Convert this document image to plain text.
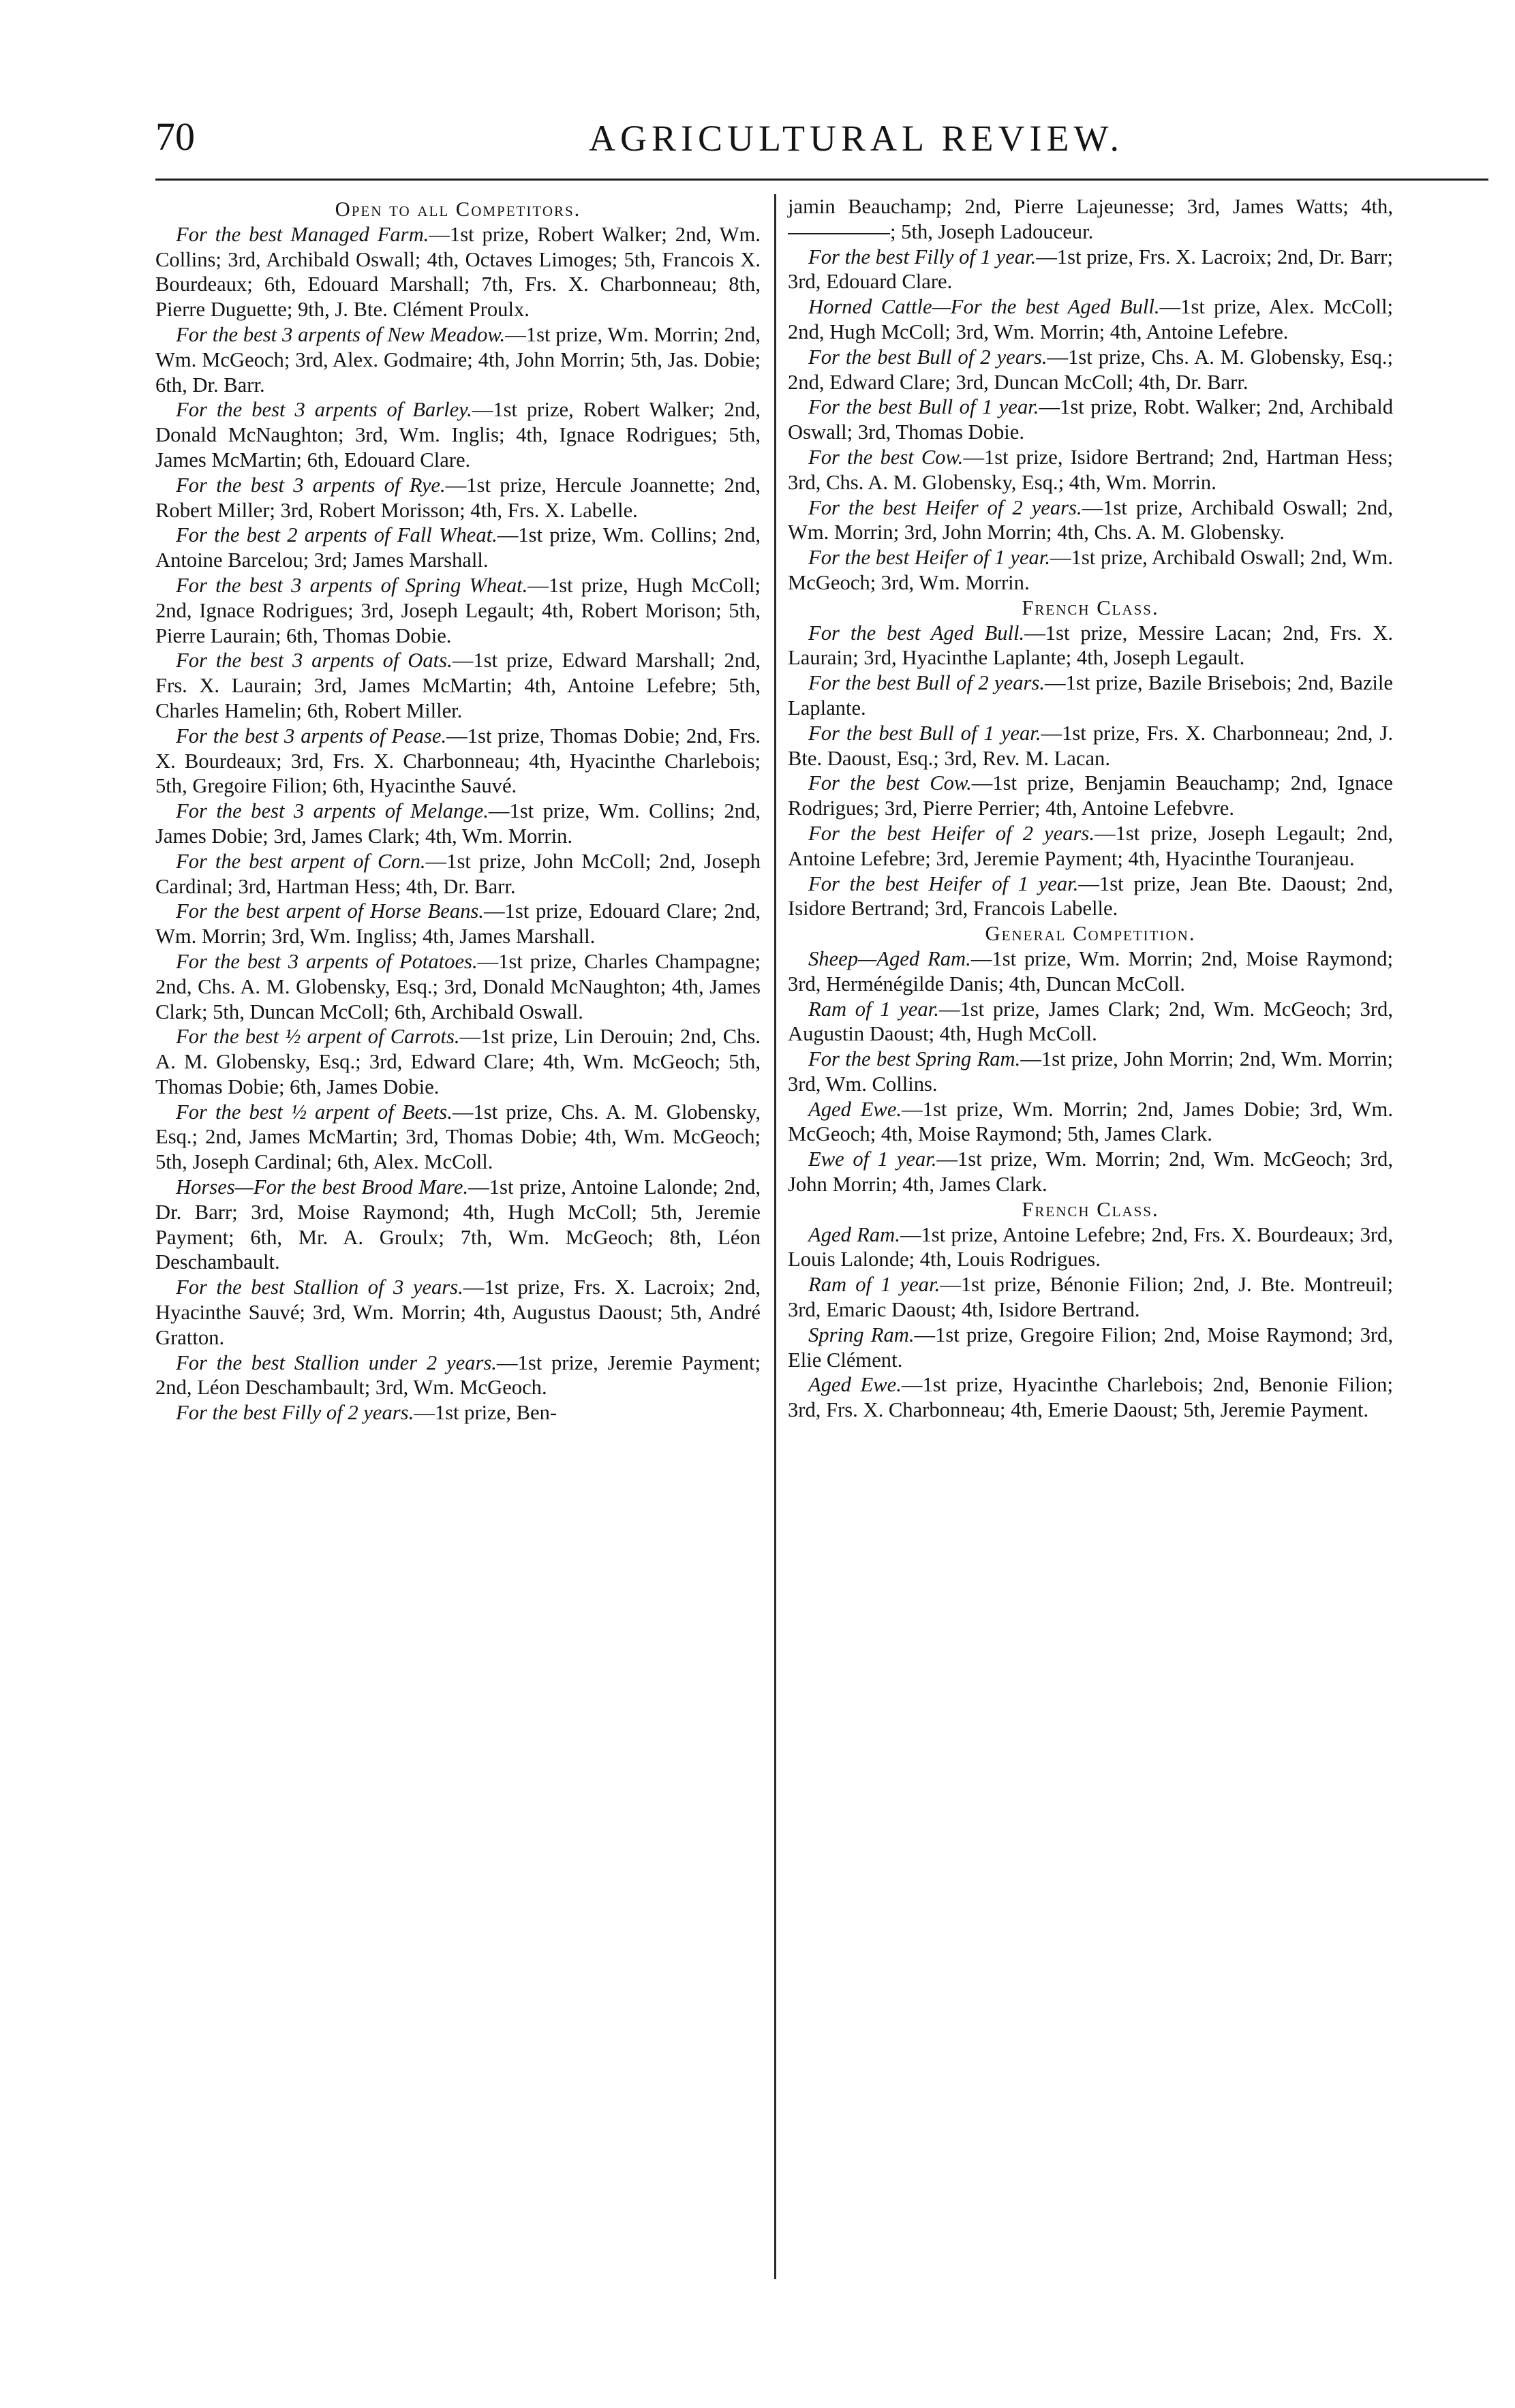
70	AGRICULTURAL REVIEW.
Open to all Competitors.

For the best Managed Farm.—1st prize, Robert Walker; 2nd, Wm. Collins; 3rd, Archibald Oswall; 4th, Octaves Limoges; 5th, Francois X. Bourdeaux; 6th, Edouard Marshall; 7th, Frs. X. Charbonneau; 8th, Pierre Duguette; 9th, J. Bte. Clément Proulx.

For the best 3 arpents of New Meadow.—1st prize, Wm. Morrin; 2nd, Wm. McGeoch; 3rd, Alex. Godmaire; 4th, John Morrin; 5th, Jas. Dobie; 6th, Dr. Barr.

For the best 3 arpents of Barley.—1st prize, Robert Walker; 2nd, Donald McNaughton; 3rd, Wm. Inglis; 4th, Ignace Rodrigues; 5th, James McMartin; 6th, Edouard Clare.

For the best 3 arpents of Rye.—1st prize, Hercule Joannette; 2nd, Robert Miller; 3rd, Robert Morisson; 4th, Frs. X. Labelle.

For the best 2 arpents of Fall Wheat.—1st prize, Wm. Collins; 2nd, Antoine Barcelou; 3rd; James Marshall.

For the best 3 arpents of Spring Wheat.—1st prize, Hugh McColl; 2nd, Ignace Rodrigues; 3rd, Joseph Legault; 4th, Robert Morison; 5th, Pierre Laurain; 6th, Thomas Dobie.

For the best 3 arpents of Oats.—1st prize, Edward Marshall; 2nd, Frs. X. Laurain; 3rd, James McMartin; 4th, Antoine Lefebre; 5th, Charles Hamelin; 6th, Robert Miller.

For the best 3 arpents of Pease.—1st prize, Thomas Dobie; 2nd, Frs. X. Bourdeaux; 3rd, Frs. X. Charbonneau; 4th, Hyacinthe Charlebois; 5th, Gregoire Filion; 6th, Hyacinthe Sauvé.

For the best 3 arpents of Melange.—1st prize, Wm. Collins; 2nd, James Dobie; 3rd, James Clark; 4th, Wm. Morrin.

For the best arpent of Corn.—1st prize, John McColl; 2nd, Joseph Cardinal; 3rd, Hartman Hess; 4th, Dr. Barr.

For the best arpent of Horse Beans.—1st prize, Edouard Clare; 2nd, Wm. Morrin; 3rd, Wm. Ingliss; 4th, James Marshall.

For the best 3 arpents of Potatoes.—1st prize, Charles Champagne; 2nd, Chs. A. M. Globensky, Esq.; 3rd, Donald McNaughton; 4th, James Clark; 5th, Duncan McColl; 6th, Archibald Oswall.

For the best ½ arpent of Carrots.—1st prize, Lin Derouin; 2nd, Chs. A. M. Globensky, Esq.; 3rd, Edward Clare; 4th, Wm. McGeoch; 5th, Thomas Dobie; 6th, James Dobie.

For the best ½ arpent of Beets.—1st prize, Chs. A. M. Globensky, Esq.; 2nd, James McMartin; 3rd, Thomas Dobie; 4th, Wm. McGeoch; 5th, Joseph Cardinal; 6th, Alex. McColl.

Horses—For the best Brood Mare.—1st prize, Antoine Lalonde; 2nd, Dr. Barr; 3rd, Moise Raymond; 4th, Hugh McColl; 5th, Jeremie Payment; 6th, Mr. A. Groulx; 7th, Wm. McGeoch; 8th, Léon Deschambault.

For the best Stallion of 3 years.—1st prize, Frs. X. Lacroix; 2nd, Hyacinthe Sauvé; 3rd, Wm. Morrin; 4th, Augustus Daoust; 5th, André Gratton.

For the best Stallion under 2 years.—1st prize, Jeremie Payment; 2nd, Léon Deschambault; 3rd, Wm. McGeoch.

For the best Filly of 2 years.—1st prize, Ben-

jamin Beauchamp; 2nd, Pierre Lajeunesse; 3rd, James Watts; 4th, ; 5th, Joseph Ladouceur.

For the best Filly of 1 year.—1st prize, Frs. X. Lacroix; 2nd, Dr. Barr; 3rd, Edouard Clare.

Horned Cattle—For the best Aged Bull.—1st prize, Alex. McColl; 2nd, Hugh McColl; 3rd, Wm. Morrin; 4th, Antoine Lefebre.

For the best Bull of 2 years.—1st prize, Chs. A. M. Globensky, Esq.; 2nd, Edward Clare; 3rd, Duncan McColl; 4th, Dr. Barr.

For the best Bull of 1 year.—1st prize, Robt. Walker; 2nd, Archibald Oswall; 3rd, Thomas Dobie.

For the best Cow.—1st prize, Isidore Bertrand; 2nd, Hartman Hess; 3rd, Chs. A. M. Globensky, Esq.; 4th, Wm. Morrin.

For the best Heifer of 2 years.—1st prize, Archibald Oswall; 2nd, Wm. Morrin; 3rd, John Morrin; 4th, Chs. A. M. Globensky.

For the best Heifer of 1 year.—1st prize, Archibald Oswall; 2nd, Wm. McGeoch; 3rd, Wm. Morrin.

French Class.

For the best Aged Bull.—1st prize, Messire Lacan; 2nd, Frs. X. Laurain; 3rd, Hyacinthe Laplante; 4th, Joseph Legault.

For the best Bull of 2 years.—1st prize, Bazile Brisebois; 2nd, Bazile Laplante.

For the best Bull of 1 year.—1st prize, Frs. X. Charbonneau; 2nd, J. Bte. Daoust, Esq.; 3rd, Rev. M. Lacan.

For the best Cow.—1st prize, Benjamin Beauchamp; 2nd, Ignace Rodrigues; 3rd, Pierre Perrier; 4th, Antoine Lefebvre.

For the best Heifer of 2 years.—1st prize, Joseph Legault; 2nd, Antoine Lefebre; 3rd, Jeremie Payment; 4th, Hyacinthe Touranjeau.

For the best Heifer of 1 year.—1st prize, Jean Bte. Daoust; 2nd, Isidore Bertrand; 3rd, Francois Labelle.

General Competition.

Sheep—Aged Ram.—1st prize, Wm. Morrin; 2nd, Moise Raymond; 3rd, Herménégilde Danis; 4th, Duncan McColl.

Ram of 1 year.—1st prize, James Clark; 2nd, Wm. McGeoch; 3rd, Augustin Daoust; 4th, Hugh McColl.

For the best Spring Ram.—1st prize, John Morrin; 2nd, Wm. Morrin; 3rd, Wm. Collins.

Aged Ewe.—1st prize, Wm. Morrin; 2nd, James Dobie; 3rd, Wm. McGeoch; 4th, Moise Raymond; 5th, James Clark.

Ewe of 1 year.—1st prize, Wm. Morrin; 2nd, Wm. McGeoch; 3rd, John Morrin; 4th, James Clark.

French Class.

Aged Ram.—1st prize, Antoine Lefebre; 2nd, Frs. X. Bourdeaux; 3rd, Louis Lalonde; 4th, Louis Rodrigues.

Ram of 1 year.—1st prize, Bénonie Filion; 2nd, J. Bte. Montreuil; 3rd, Emaric Daoust; 4th, Isidore Bertrand.

Spring Ram.—1st prize, Gregoire Filion; 2nd, Moise Raymond; 3rd, Elie Clément.

Aged Ewe.—1st prize, Hyacinthe Charlebois; 2nd, Benonie Filion; 3rd, Frs. X. Charbonneau; 4th, Emerie Daoust; 5th, Jeremie Payment.
